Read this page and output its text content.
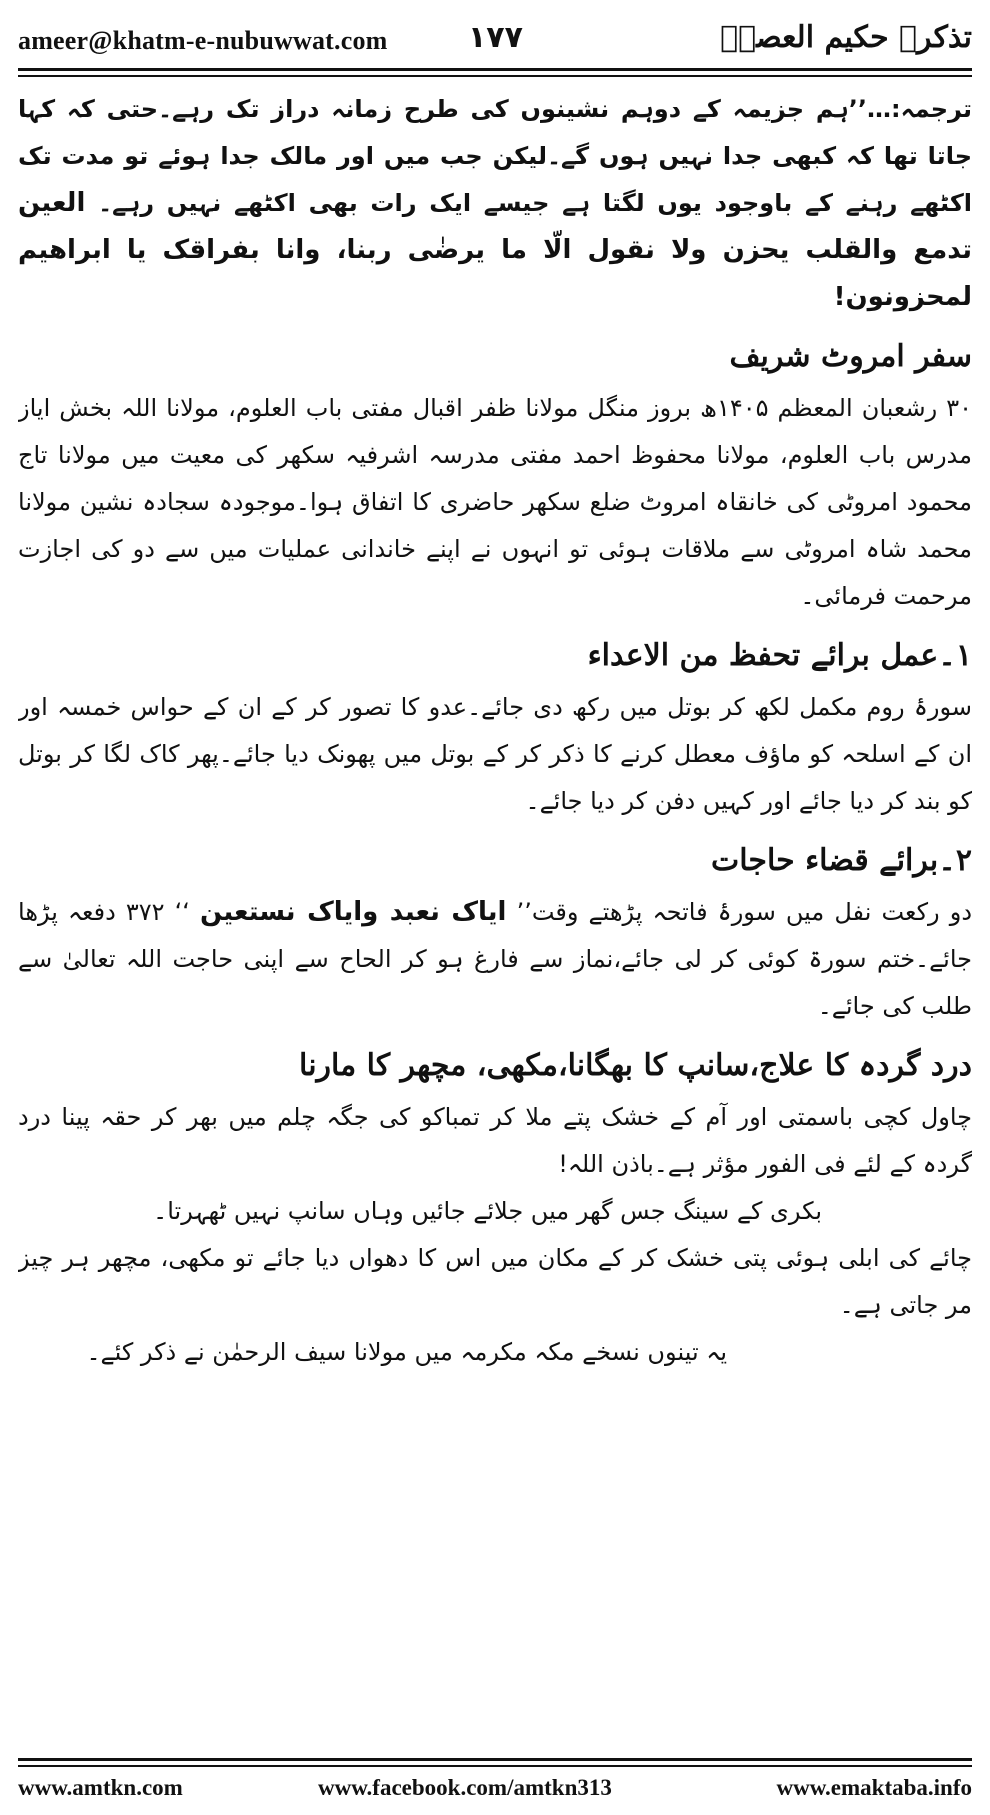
ameer@khatm-e-nubuwwat.com	۱۷۷	تذکرہ حکیم العصرؒ

ترجمہ:…’’ہم جزیمہ کے دوہم نشینوں کی طرح زمانہ دراز تک رہے۔حتی کہ کہا جاتا تھا کہ کبھی جدا نہیں ہوں گے۔لیکن جب میں اور مالک جدا ہوئے تو مدت تک اکٹھے رہنے کے باوجود یوں لگتا ہے جیسے ایک رات بھی اکٹھے نہیں رہے۔ العین تدمع والقلب یحزن ولا نقول الّا ما یرضٰی ربنا، وانا بفراقک یا ابراھیم لمحزونون!

سفر امروٹ شریف

۳۰ رشعبان المعظم ۱۴۰۵ھ بروز منگل مولانا ظفر اقبال مفتی باب العلوم، مولانا اللہ بخش ایاز مدرس باب العلوم، مولانا محفوظ احمد مفتی مدرسہ اشرفیہ سکھر کی معیت میں مولانا تاج محمود امروٹی کی خانقاہ امروٹ ضلع سکھر حاضری کا اتفاق ہوا۔موجودہ سجادہ نشین مولانا محمد شاہ امروٹی سے ملاقات ہوئی تو انہوں نے اپنے خاندانی عملیات میں سے دو کی اجازت مرحمت فرمائی۔

۱۔عمل برائے تحفظ من الاعداء

سورۂ روم مکمل لکھ کر بوتل میں رکھ دی جائے۔عدو کا تصور کر کے ان کے حواس خمسہ اور ان کے اسلحہ کو ماؤف معطل کرنے کا ذکر کر کے بوتل میں پھونک دیا جائے۔پھر کاک لگا کر بوتل کو بند کر دیا جائے اور کہیں دفن کر دیا جائے۔

۲۔برائے قضاء حاجات

دو رکعت نفل میں سورۂ فاتحہ پڑھتے وقت’’ ایاک نعبد وایاک نستعین ‘‘ ۳۷۲ دفعہ پڑھا جائے۔ختم سورۃ کوئی کر لی جائے،نماز سے فارغ ہو کر الحاح سے اپنی حاجت اللہ تعالیٰ سے طلب کی جائے۔

درد گردہ کا علاج،سانپ کا بھگانا،مکھی، مچھر کا مارنا

چاول کچی باسمتی اور آم کے خشک پتے ملا کر تمباکو کی جگہ چلم میں بھر کر حقہ پینا درد گردہ کے لئے فی الفور مؤثر ہے۔باذن اللہ!

بکری کے سینگ جس گھر میں جلائے جائیں وہاں سانپ نہیں ٹھہرتا۔

چائے کی ابلی ہوئی پتی خشک کر کے مکان میں اس کا دھواں دیا جائے تو مکھی، مچھر ہر چیز مر جاتی ہے۔

یہ تینوں نسخے مکہ مکرمہ میں مولانا سیف الرحمٰن نے ذکر کئے۔

www.amtkn.com	www.facebook.com/amtkn313	www.emaktaba.info
